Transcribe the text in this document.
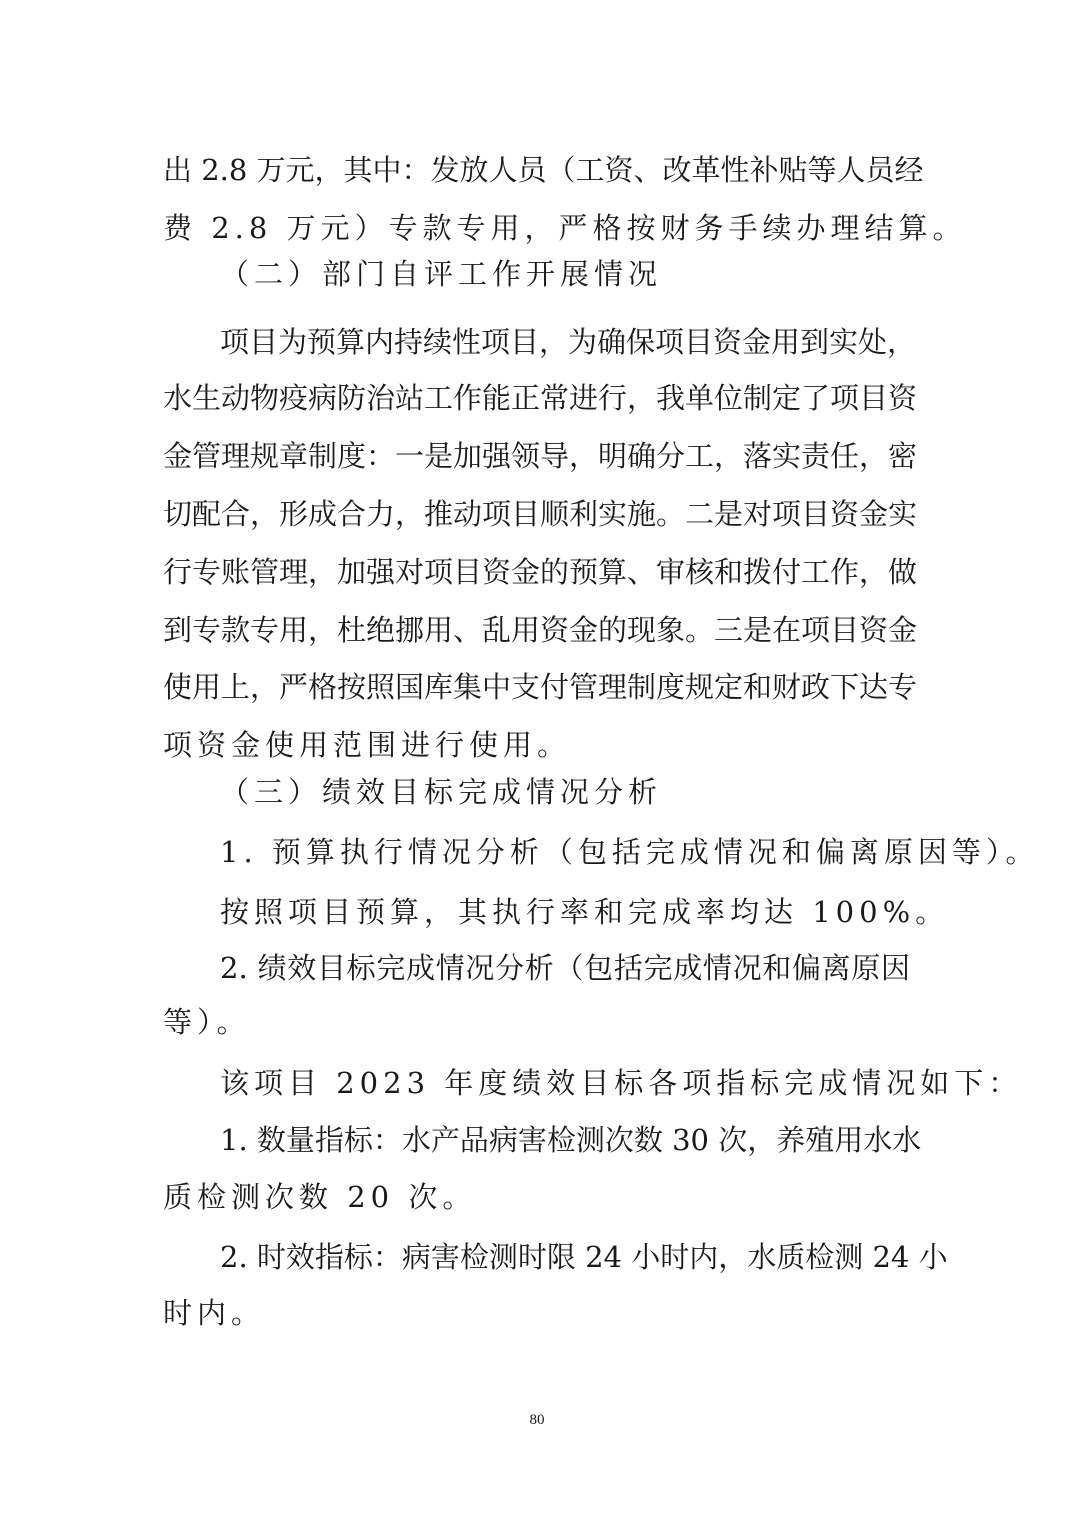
出 2.8 万元，其中：发放人员（工资、改革性补贴等人员经
费 2.8 万元）专款专用，严格按财务手续办理结算。
（二）部门自评工作开展情况
项目为预算内持续性项目，为确保项目资金用到实处，
水生动物疫病防治站工作能正常进行，我单位制定了项目资
金管理规章制度：一是加强领导，明确分工，落实责任，密
切配合，形成合力，推动项目顺利实施。二是对项目资金实
行专账管理，加强对项目资金的预算、审核和拨付工作，做
到专款专用，杜绝挪用、乱用资金的现象。三是在项目资金
使用上，严格按照国库集中支付管理制度规定和财政下达专
项资金使用范围进行使用。
（三）绩效目标完成情况分析
1. 预算执行情况分析（包括完成情况和偏离原因等）。
按照项目预算，其执行率和完成率均达 100%。
2. 绩效目标完成情况分析（包括完成情况和偏离原因
等）。
该项目 2023 年度绩效目标各项指标完成情况如下：
1. 数量指标：水产品病害检测次数 30 次，养殖用水水
质检测次数 20 次。
2. 时效指标：病害检测时限 24 小时内，水质检测 24 小
时内。
80
